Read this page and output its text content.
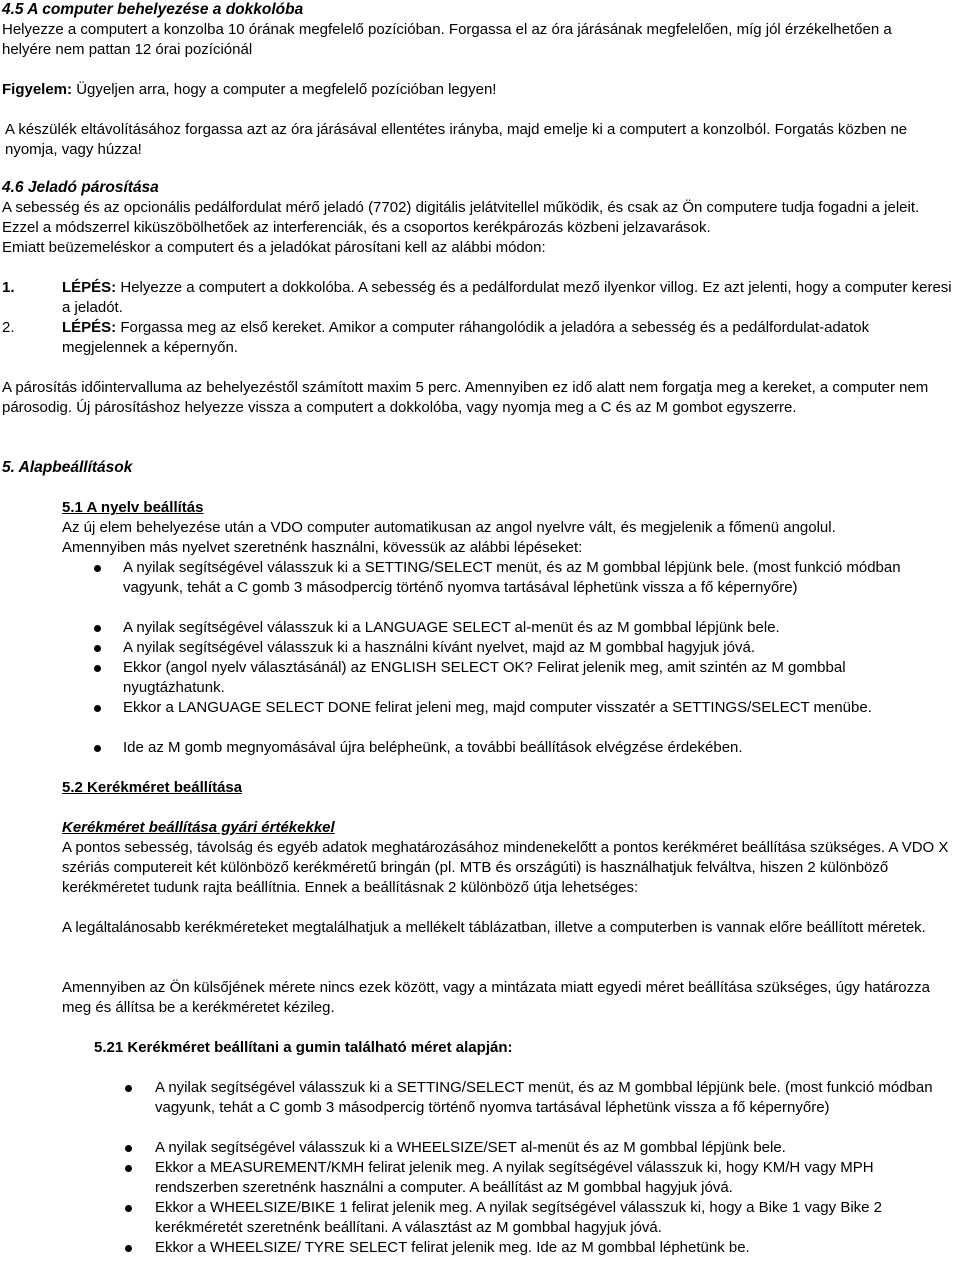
4.5 A computer behelyezése a dokkolóba
Helyezze a computert a konzolba 10 órának megfelelő pozícióban. Forgassa el az óra járásának megfelelően, míg jól érzékelhetően a helyére nem pattan 12 órai pozíciónál
Figyelem: Ügyeljen arra, hogy a computer a megfelelő pozícióban legyen!
A készülék eltávolításához forgassa azt az óra járásával ellentétes irányba, majd emelje ki a computert a konzolból. Forgatás közben ne nyomja, vagy húzza!
4.6 Jeladó párosítása
A sebesség és az opcionális pedálfordulat mérő jeladó (7702) digitális jelátvitellel működik, és csak az Ön computere tudja fogadni a jeleit. Ezzel a módszerrel kiküszöbölhetőek az interferenciák, és a csoportos kerékpározás közbeni jelzavarások.
Emiatt beüzemeléskor a computert és a jeladókat párosítani kell az alábbi módon:
1.	LÉPÉS: Helyezze a computert a dokkolóba. A sebesség és a pedálfordulat mező ilyenkor villog. Ez azt jelenti, hogy a computer keresi a jeladót.
2.	LÉPÉS: Forgassa meg az első kereket. Amikor a computer ráhangolódik a jeladóra a sebesség és a pedálfordulat-adatok megjelennek a képernyőn.
A párosítás időintervalluma az behelyezéstől számított maxim 5 perc. Amennyiben ez idő alatt nem forgatja meg a kereket, a computer nem párosodig. Új párosításhoz helyezze vissza a computert a dokkolóba, vagy nyomja meg a C és az M gombot egyszerre.
5. Alapbeállítások
5.1 A nyelv beállítás
Az új elem behelyezése után a VDO computer automatikusan az angol nyelvre vált, és megjelenik a főmenü angolul.
Amennyiben más nyelvet szeretnénk használni, kövessük az alábbi lépéseket:
A nyilak segítségével válasszuk ki a SETTING/SELECT menüt, és az M gombbal lépjünk bele. (most funkció módban vagyunk, tehát a C gomb 3 másodpercig történő nyomva tartásával léphetünk vissza a fő képernyőre)
A nyilak segítségével válasszuk ki a LANGUAGE SELECT al-menüt és az M gombbal lépjünk bele.
A nyilak segítségével válasszuk ki a használni kívánt nyelvet, majd az M gombbal hagyjuk jóvá.
Ekkor (angol nyelv választásánál) az ENGLISH SELECT OK? Felirat jelenik meg, amit szintén az M gombbal nyugtázhatunk.
Ekkor a LANGUAGE SELECT DONE felirat jeleni meg, majd computer visszatér a SETTINGS/SELECT menübe.
Ide az M gomb megnyomásával újra belépheünk, a további beállítások elvégzése érdekében.
5.2 Kerékméret beállítása
Kerékméret beállítása gyári értékekkel
A pontos sebesség, távolság és egyéb adatok meghatározásához mindenekelőtt a pontos kerékméret beállítása szükséges. A VDO X szériás computereit két különböző kerékméretű bringán (pl. MTB és országúti) is használhatjuk felváltva, hiszen 2 különböző kerékméretet tudunk rajta beállítnia. Ennek a beállításnak 2 különböző útja lehetséges:
A legáltalánosabb kerékméreteket megtalálhatjuk a mellékelt táblázatban, illetve a computerben is vannak előre beállított méretek.
Amennyiben az Ön külsőjének mérete nincs ezek között, vagy a mintázata miatt egyedi méret beállítása szükséges, úgy határozza meg és állítsa be a kerékméretet kézileg.
5.21 Kerékméret beállítani a gumin található méret alapján:
A nyilak segítségével válasszuk ki a SETTING/SELECT menüt, és az M gombbal lépjünk bele. (most funkció módban vagyunk, tehát a C gomb 3 másodpercig történő nyomva tartásával léphetünk vissza a fő képernyőre)
A nyilak segítségével válasszuk ki a WHEELSIZE/SET al-menüt és az M gombbal lépjünk bele.
Ekkor a MEASUREMENT/KMH felirat jelenik meg. A nyilak segítségével válasszuk ki, hogy KM/H vagy MPH rendszerben szeretnénk használni a computer. A beállítást az M gombbal hagyjuk jóvá.
Ekkor a WHEELSIZE/BIKE 1 felirat jelenik meg. A nyilak segítségével válasszuk ki, hogy a Bike 1 vagy Bike 2 kerékméretét szeretnénk beállítani. A választást az M gombbal hagyjuk jóvá.
Ekkor a WHEELSIZE/ TYRE SELECT felirat jelenik meg. Ide az M gombbal léphetünk be.
